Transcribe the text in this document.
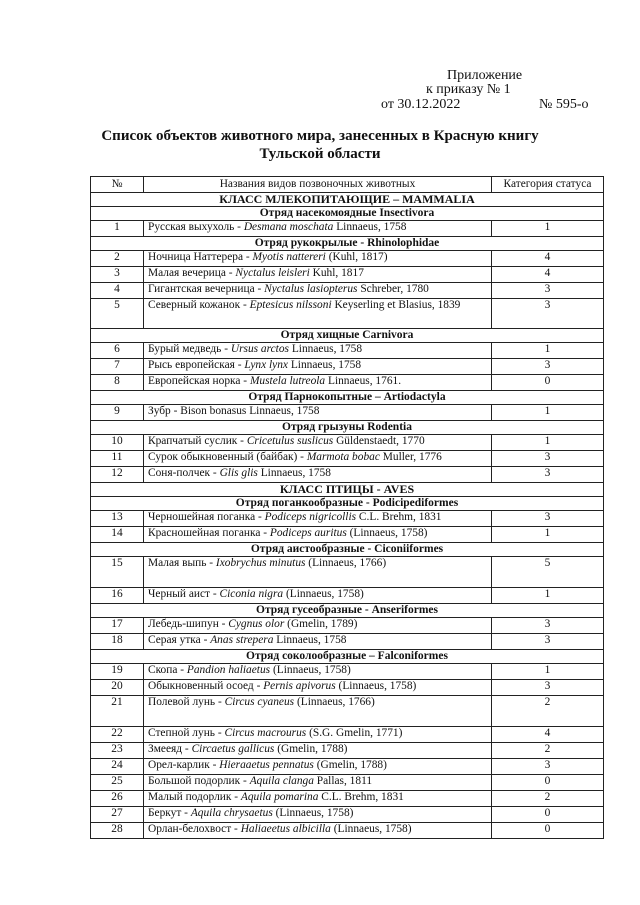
Приложение
к приказу № 1
от 30.12.2022	№ 595-о
Список объектов животного мира, занесенных в Красную книгу
Тульской области
№	Названия видов позвоночных животных	Категория статуса
КЛАСС МЛЕКОПИТАЮЩИЕ – MAMMALIA		
Отряд насекомоядные Insectivora		
1	Русская выхухоль - Desmana moschata Linnaeus, 1758	1
Отряд рукокрылые - Rhinolophidae		
2	Ночница Наттерера - Myotis nattereri (Kuhl, 1817)	4
3	Малая вечерица - Nyctalus leisleri Kuhl, 1817	4
4	Гигантская вечерница - Nyctalus lasiopterus Schreber, 1780	3
5	Северный кожанок - Eptesicus nilssoni Keyserling et Blasius, 1839	3
Отряд хищные Carnivora		
6	Бурый медведь - Ursus arctos Linnaeus, 1758	1
7	Рысь европейская - Lynx lynx Linnaeus, 1758	3
8	Европейская норка - Mustela lutreola Linnaeus, 1761.	0
Отряд Парнокопытные – Artiodactyla		
9	Зубр - Bison bonasus Linnaeus, 1758	1
Отряд грызуны Rodentia		
10	Крапчатый суслик - Cricetulus suslicus Güldenstaedt, 1770	1
11	Сурок обыкновенный (байбак) - Marmota bobac Muller, 1776	3
12	Соня-полчек - Glis glis Linnaeus, 1758	3
КЛАСС ПТИЦЫ - AVES		
Отряд поганкообразные - Podicipediformes		
13	Черношейная поганка - Podiceps nigricollis C.L. Brehm, 1831	3
14	Красношейная поганка - Podiceps auritus (Linnaeus, 1758)	1
Отряд аистообразные - Ciconiiformes		
15	Малая выпь - Ixobrychus minutus (Linnaeus, 1766)	5
16	Черный аист - Ciconia nigra (Linnaeus, 1758)	1
Отряд гусеобразные - Anseriformes		
17	Лебедь-шипун - Cygnus olor (Gmelin, 1789)	3
18	Серая утка - Anas strepera Linnaeus, 1758	3
Отряд соколообразные – Falconiformes		
19	Скопа - Pandion haliaetus (Linnaeus, 1758)	1
20	Обыкновенный осоед - Pernis apivorus (Linnaeus, 1758)	3
21	Полевой лунь - Circus cyaneus (Linnaeus, 1766)	2
22	Степной лунь - Circus macrourus (S.G. Gmelin, 1771)	4
23	Змееяд - Circaetus gallicus (Gmelin, 1788)	2
24	Орел-карлик - Hieraaetus pennatus (Gmelin, 1788)	3
25	Большой подорлик - Aquila clanga Pallas, 1811	0
26	Малый подорлик - Aquila pomarina C.L. Brehm, 1831	2
27	Беркут - Aquila chrysaetus (Linnaeus, 1758)	0
28	Орлан-белохвост - Haliaeetus albicilla (Linnaeus, 1758)	0
